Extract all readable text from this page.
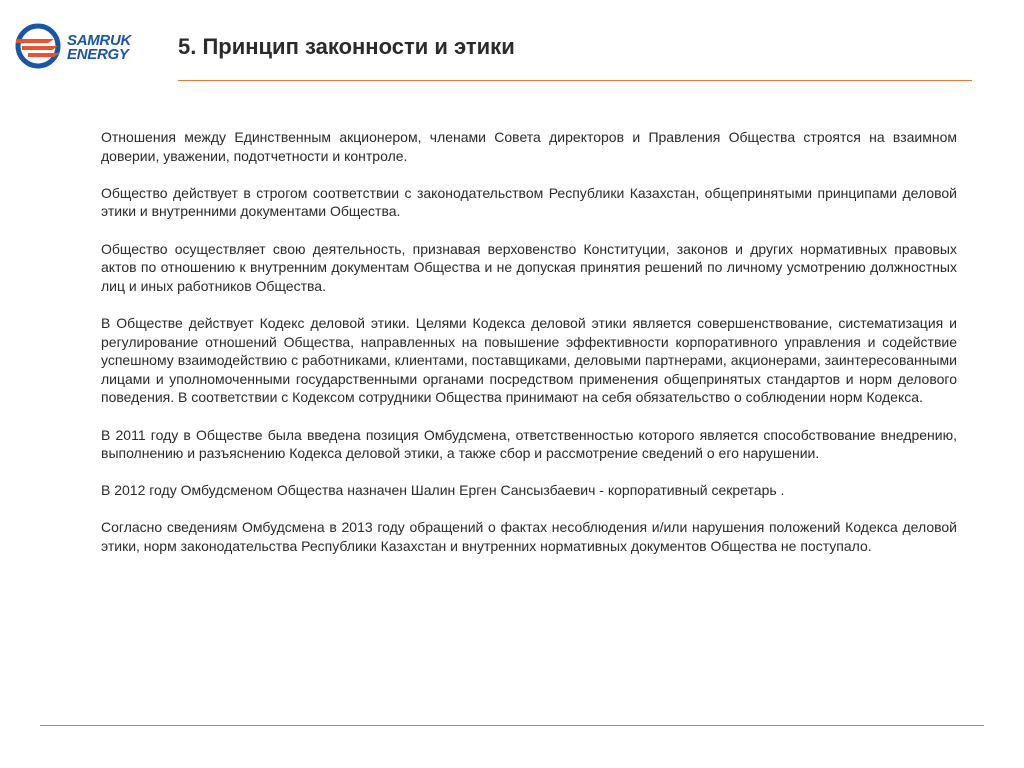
SAMRUK
ENERGY 5. Принцип законности и этики

Отношения между Единственным акционером, членами Совета директоров и Правления Общества строятся на взаимном доверии, уважении, подотчетности и контроле.

Общество действует в строгом соответствии с законодательством Республики Казахстан, общепринятыми принципами деловой этики и внутренними документами Общества.

Общество осуществляет свою деятельность, признавая верховенство Конституции, законов и других нормативных правовых актов по отношению к внутренним документам Общества и не допуская принятия решений по личному усмотрению должностных лиц и иных работников Общества.

В Обществе действует Кодекс деловой этики. Целями Кодекса деловой этики является совершенствование, систематизация и регулирование отношений Общества, направленных на повышение эффективности корпоративного управления и содействие успешному взаимодействию с работниками, клиентами, поставщиками, деловыми партнерами, акционерами, заинтересованными лицами и уполномоченными государственными органами посредством применения общепринятых стандартов и норм делового поведения. В соответствии с Кодексом сотрудники Общества принимают на себя обязательство о соблюдении норм Кодекса.

В 2011 году в Обществе была введена позиция Омбудсмена, ответственностью которого является способствование внедрению, выполнению и разъяснению Кодекса деловой этики, а также сбор и рассмотрение сведений о его нарушении.

В 2012 году Омбудсменом Общества назначен Шалин Ерген Сансызбаевич - корпоративный секретарь .

Согласно сведениям Омбудсмена в 2013 году обращений о фактах несоблюдения и/или нарушения положений Кодекса деловой этики, норм законодательства Республики Казахстан и внутренних нормативных документов Общества не поступало.
